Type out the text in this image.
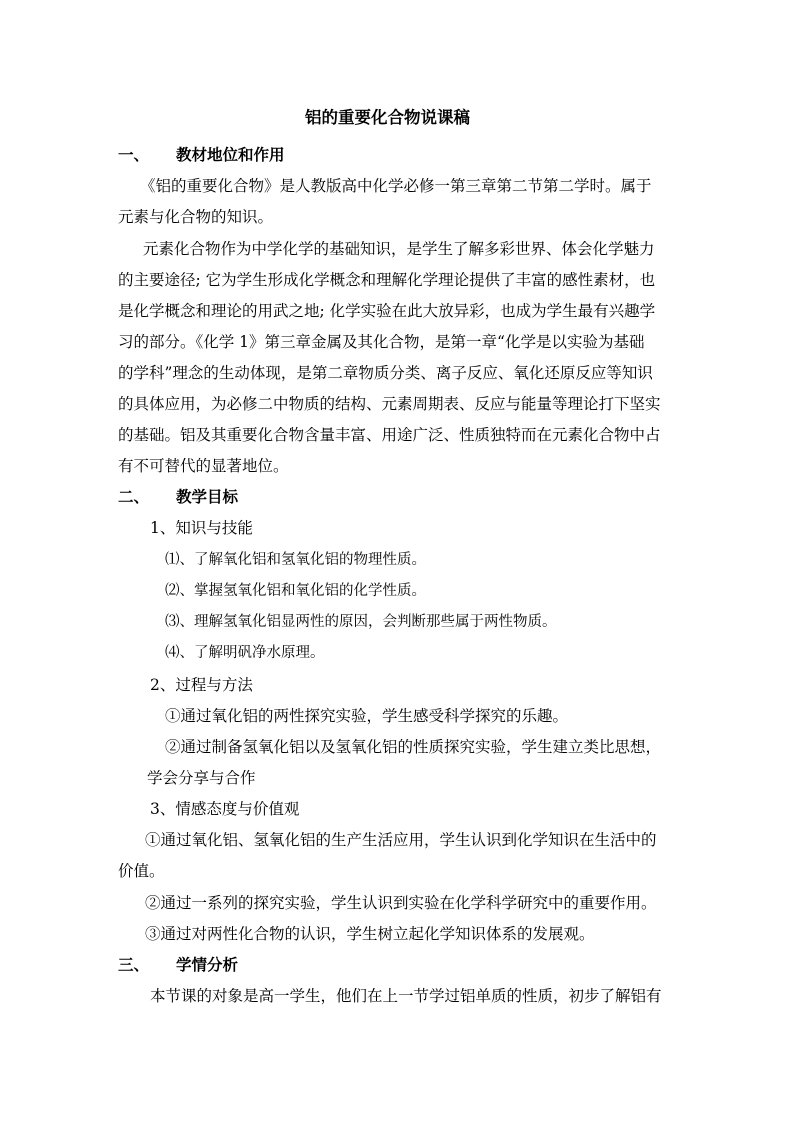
铝的重要化合物说课稿
一、	教材地位和作用
《铝的重要化合物》是人教版高中化学必修一第三章第二节第二学时。属于
元素与化合物的知识。
元素化合物作为中学化学的基础知识，是学生了解多彩世界、体会化学魅力
的主要途径; 它为学生形成化学概念和理解化学理论提供了丰富的感性素材，也
是化学概念和理论的用武之地; 化学实验在此大放异彩，也成为学生最有兴趣学
习的部分。《化学 1》第三章金属及其化合物，是第一章“化学是以实验为基础
的学科”理念的生动体现，是第二章物质分类、离子反应、氧化还原反应等知识
的具体应用，为必修二中物质的结构、元素周期表、反应与能量等理论打下坚实
的基础。铝及其重要化合物含量丰富、用途广泛、性质独特而在元素化合物中占
有不可替代的显著地位。
二、	教学目标
1、知识与技能
⑴、了解氧化铝和氢氧化铝的物理性质。
⑵、掌握氢氧化铝和氧化铝的化学性质。
⑶、理解氢氧化铝显两性的原因，会判断那些属于两性物质。
⑷、了解明矾净水原理。
2、过程与方法
①通过氧化铝的两性探究实验，学生感受科学探究的乐趣。
②通过制备氢氧化铝以及氢氧化铝的性质探究实验，学生建立类比思想，
学会分享与合作
3、情感态度与价值观
①通过氧化铝、氢氧化铝的生产生活应用，学生认识到化学知识在生活中的
价值。
②通过一系列的探究实验，学生认识到实验在化学科学研究中的重要作用。
③通过对两性化合物的认识，学生树立起化学知识体系的发展观。
三、	学情分析
本节课的对象是高一学生，他们在上一节学过铝单质的性质，初步了解铝有
